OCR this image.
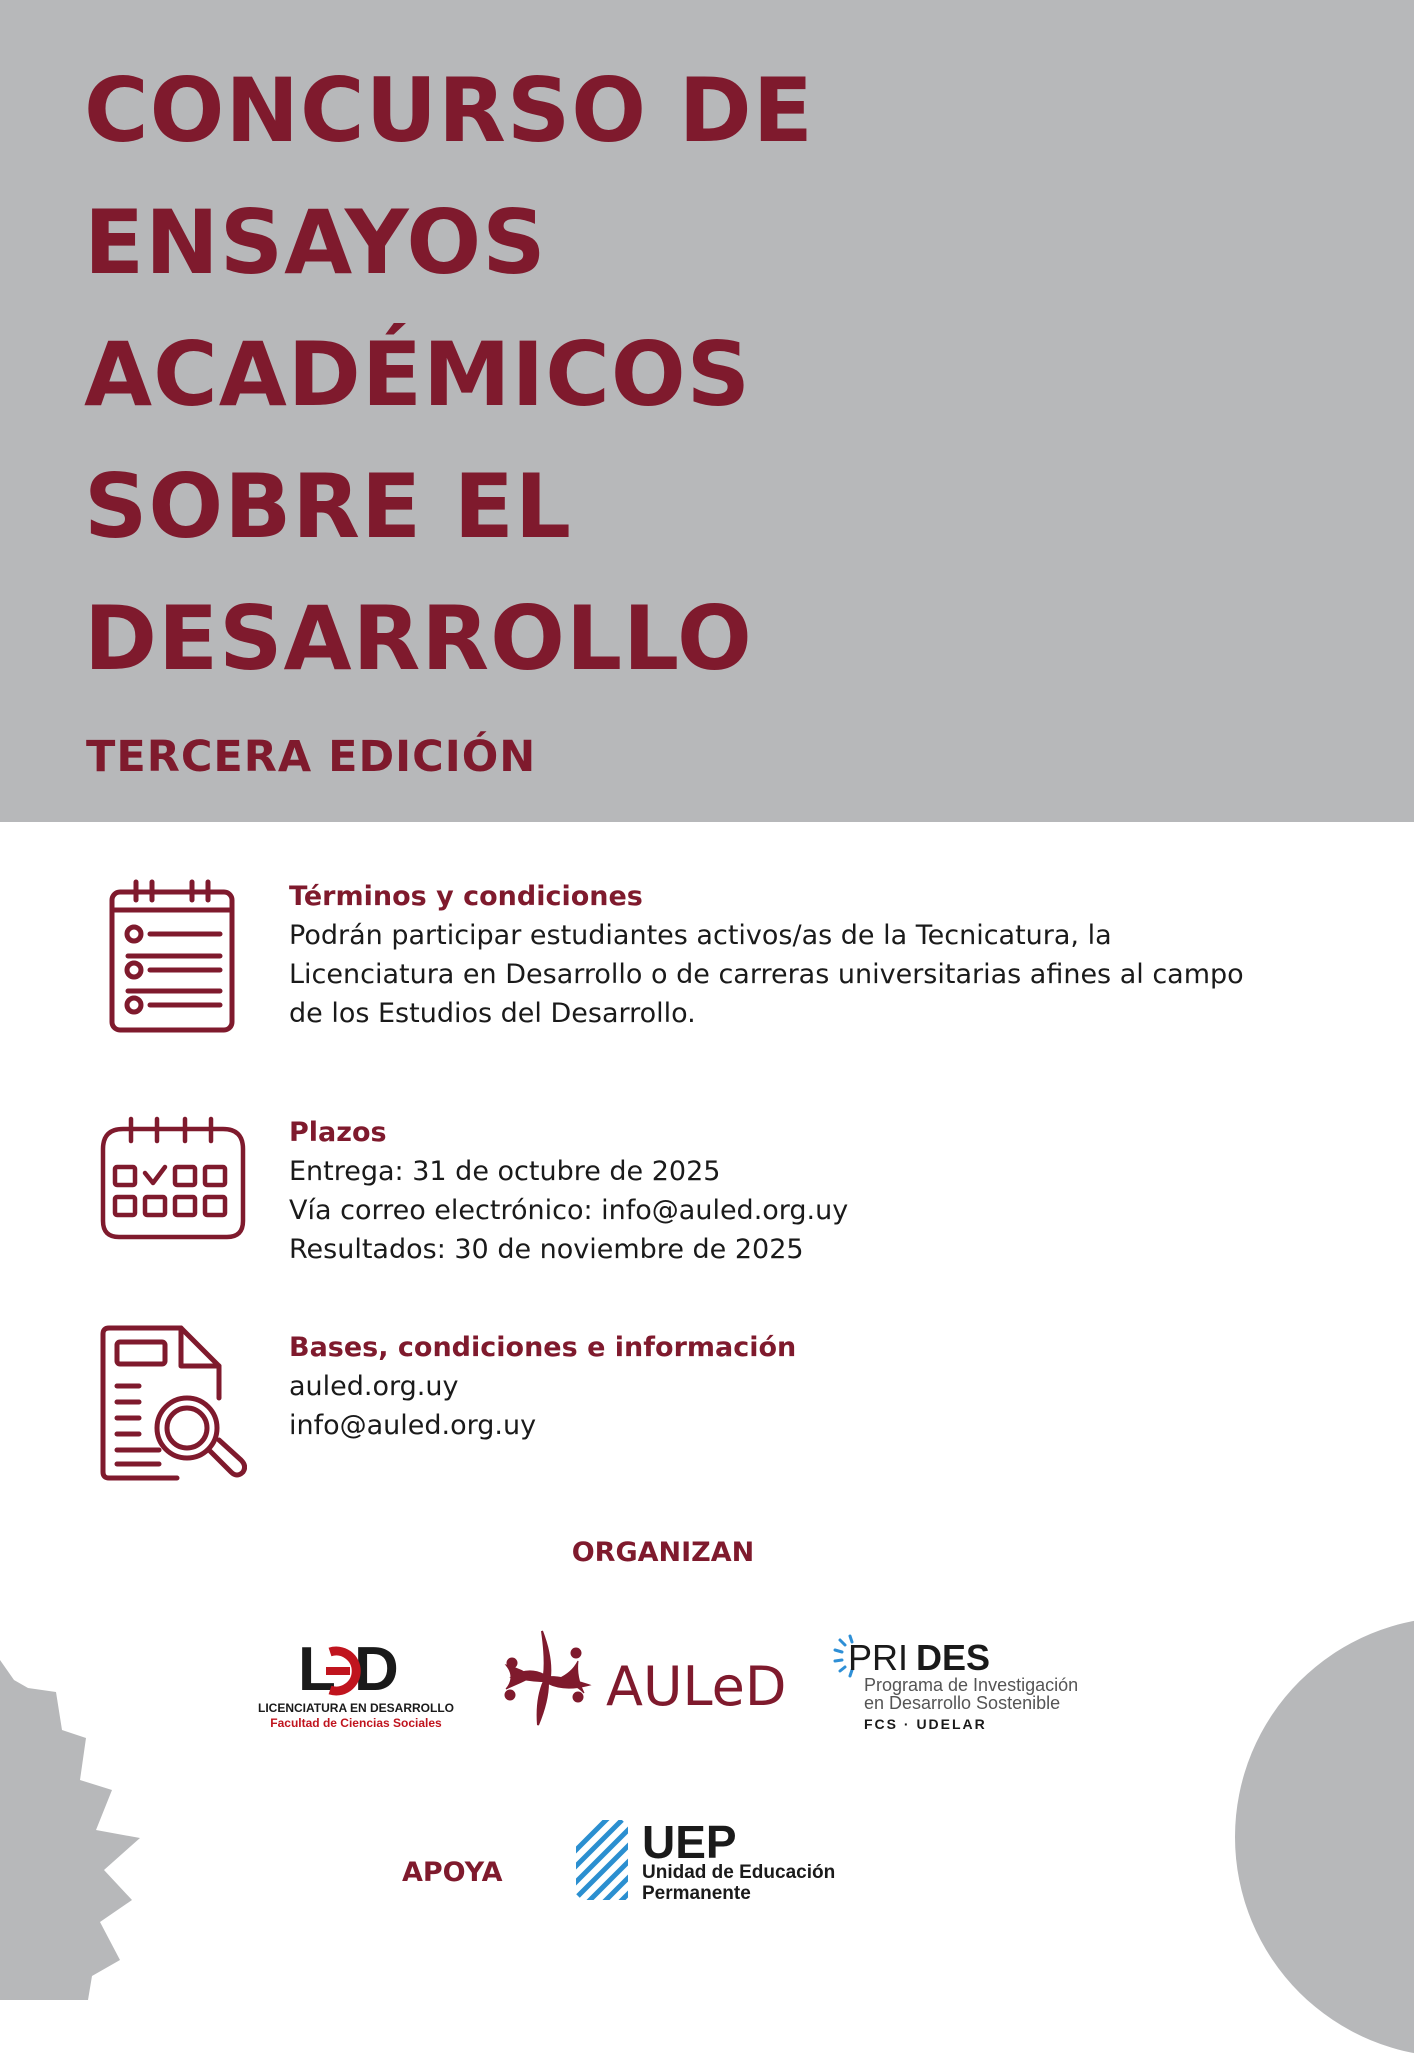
CONCURSO DE
ENSAYOS
ACADÉMICOS
SOBRE EL
DESARROLLO
TERCERA EDICIÓN
Términos y condiciones
Podrán participar estudiantes activos/as de la Tecnicatura, la
Licenciatura en Desarrollo o de carreras universitarias afines al campo
de los Estudios del Desarrollo.
Plazos
Entrega: 31 de octubre de 2025
Vía correo electrónico: info@auled.org.uy
Resultados: 30 de noviembre de 2025
Bases, condiciones e información
auled.org.uy
info@auled.org.uy
ORGANIZAN
L D
LICENCIATURA EN DESARROLLO
Facultad de Ciencias Sociales
AULeD PRI DES
Programa de Investigación
en Desarrollo Sostenible
FCS · UDELAR
APOYA
UEP
Unidad de Educación
Permanente
